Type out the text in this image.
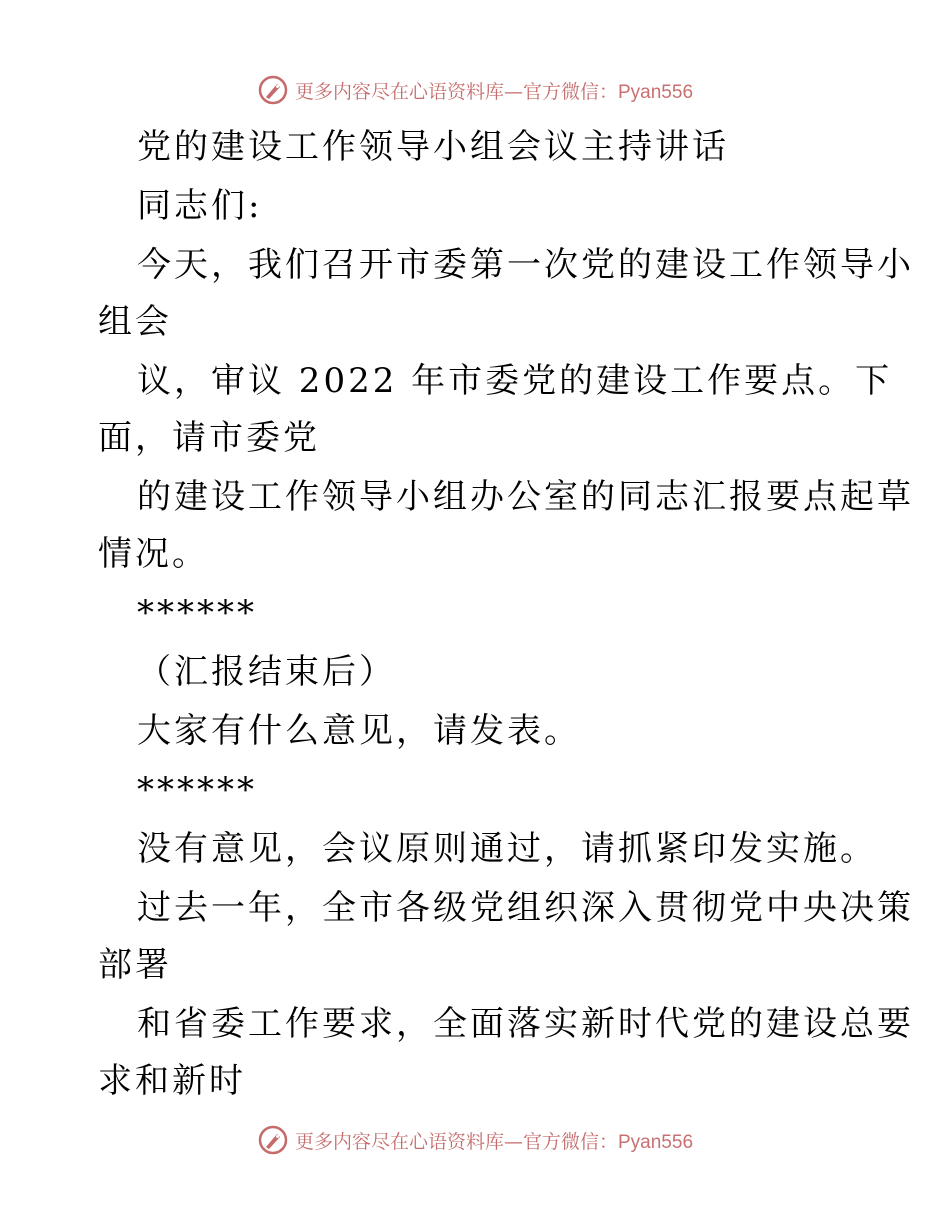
更多内容尽在心语资料库—官方微信：Pyan556
党的建设工作领导小组会议主持讲话
同志们:
今天，我们召开市委第一次党的建设工作领导小
组会
议，审议 2022 年市委党的建设工作要点。下
面，请市委党
的建设工作领导小组办公室的同志汇报要点起草
情况。
******
（汇报结束后）
大家有什么意见，请发表。
******
没有意见，会议原则通过，请抓紧印发实施。
过去一年，全市各级党组织深入贯彻党中央决策
部署
和省委工作要求，全面落实新时代党的建设总要
求和新时
更多内容尽在心语资料库—官方微信：Pyan556
